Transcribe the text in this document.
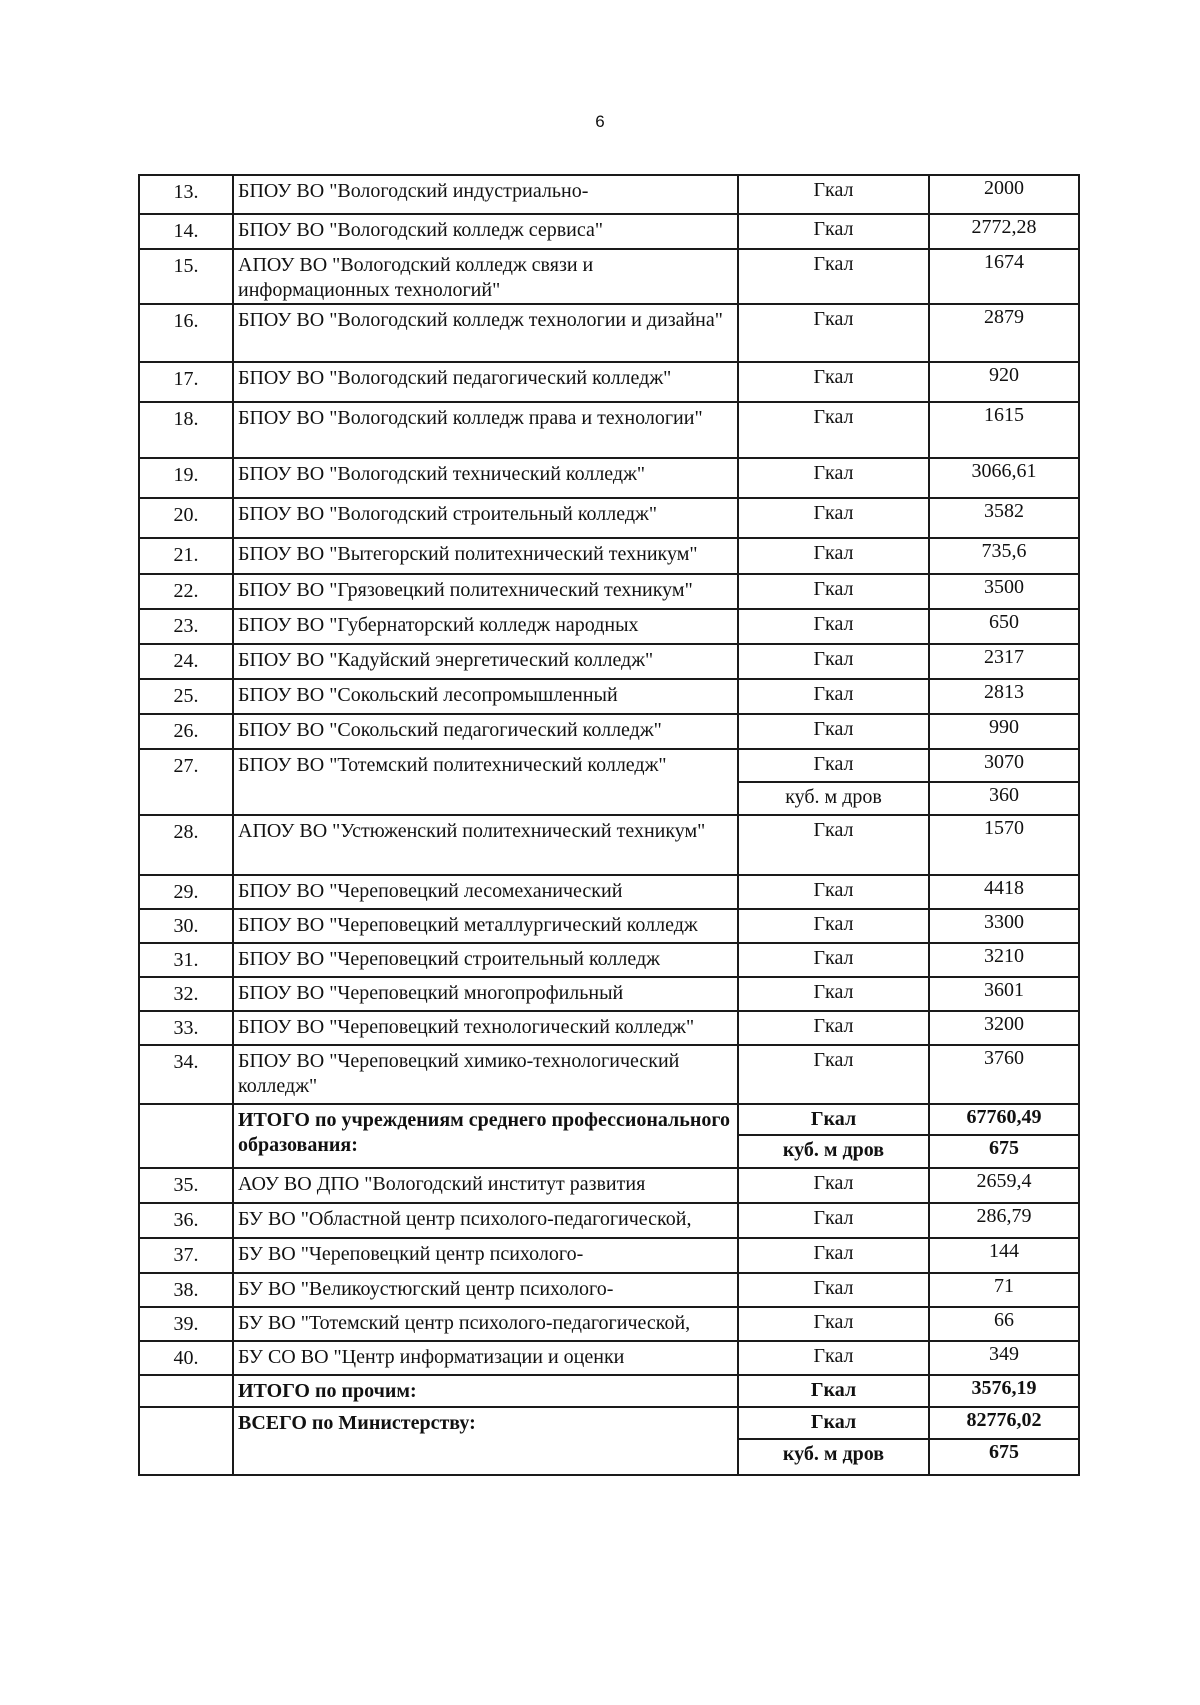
6
13.	БПОУ ВО "Вологодский индустриально-	Гкал	2000
14.	БПОУ ВО "Вологодский колледж сервиса"	Гкал	2772,28
15.	АПОУ ВО "Вологодский колледж связи и информационных технологий"	Гкал	1674
16.	БПОУ ВО "Вологодский колледж технологии и дизайна"	Гкал	2879
17.	БПОУ ВО "Вологодский педагогический колледж"	Гкал	920
18.	БПОУ ВО "Вологодский колледж права и технологии"	Гкал	1615
19.	БПОУ ВО "Вологодский технический колледж"	Гкал	3066,61
20.	БПОУ ВО "Вологодский строительный колледж"	Гкал	3582
21.	БПОУ ВО "Вытегорский политехнический техникум"	Гкал	735,6
22.	БПОУ ВО "Грязовецкий политехнический техникум"	Гкал	3500
23.	БПОУ ВО "Губернаторский колледж народных	Гкал	650
24.	БПОУ ВО "Кадуйский энергетический колледж"	Гкал	2317
25.	БПОУ ВО "Сокольский лесопромышленный	Гкал	2813
26.	БПОУ ВО "Сокольский педагогический колледж"	Гкал	990
27.	БПОУ ВО "Тотемский политехнический колледж"	Гкал	3070
		куб. м дров	360
28.	АПОУ ВО "Устюженский политехнический техникум"	Гкал	1570
29.	БПОУ ВО "Череповецкий лесомеханический	Гкал	4418
30.	БПОУ ВО "Череповецкий металлургический колледж	Гкал	3300
31.	БПОУ ВО "Череповецкий строительный колледж	Гкал	3210
32.	БПОУ ВО "Череповецкий многопрофильный	Гкал	3601
33.	БПОУ ВО "Череповецкий технологический колледж"	Гкал	3200
34.	БПОУ ВО "Череповецкий химико-технологический колледж"	Гкал	3760
	ИТОГО по учреждениям среднего профессионального образования:	Гкал	67760,49
		куб. м дров	675
35.	АОУ ВО ДПО "Вологодский институт развития	Гкал	2659,4
36.	БУ ВО "Областной центр психолого-педагогической,	Гкал	286,79
37.	БУ ВО "Череповецкий центр психолого-	Гкал	144
38.	БУ ВО "Великоустюгский центр психолого-	Гкал	71
39.	БУ ВО "Тотемский центр психолого-педагогической,	Гкал	66
40.	БУ СО ВО "Центр информатизации и оценки	Гкал	349
	ИТОГО по прочим:	Гкал	3576,19
	ВСЕГО по Министерству:	Гкал	82776,02
		куб. м дров	675
